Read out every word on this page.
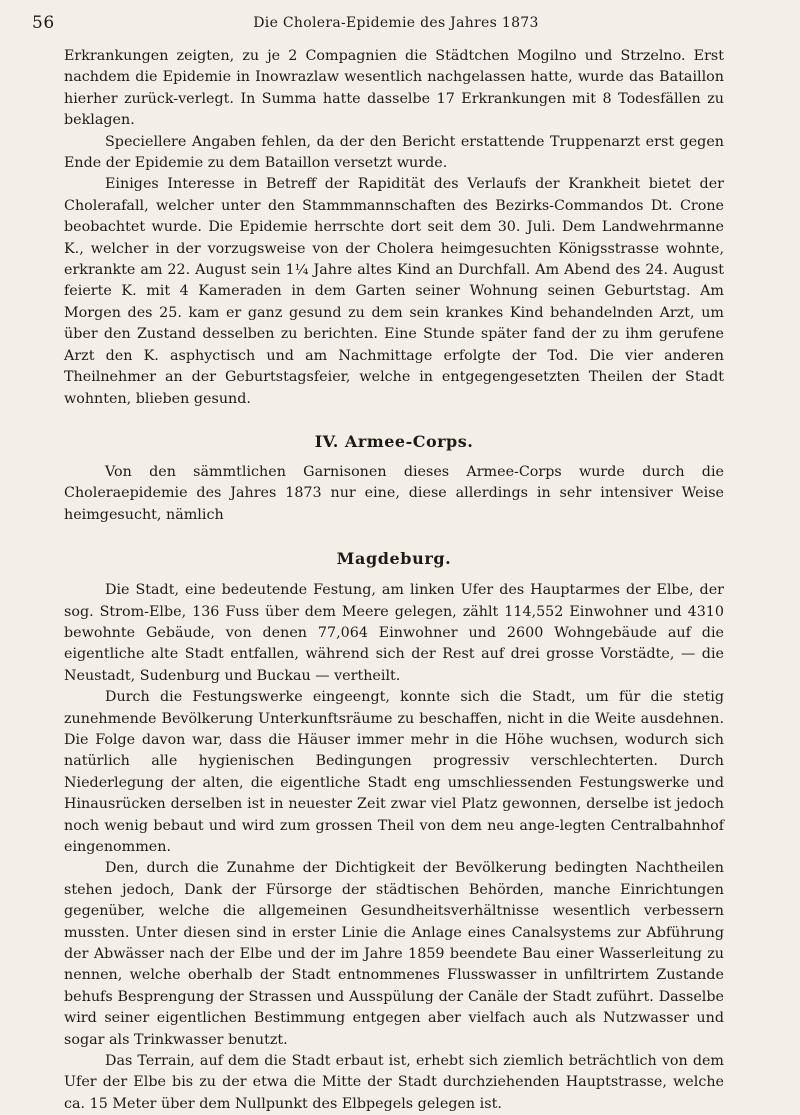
56	Die Cholera-Epidemie des Jahres 1873

Erkrankungen zeigten, zu je 2 Compagnien die Städtchen Mogilno und Strzelno. Erst nachdem die Epidemie in Inowrazlaw wesentlich nachgelassen hatte, wurde das Bataillon hierher zurück-verlegt. In Summa hatte dasselbe 17 Erkrankungen mit 8 Todesfällen zu beklagen.

Speciellere Angaben fehlen, da der den Bericht erstattende Truppenarzt erst gegen Ende der Epidemie zu dem Bataillon versetzt wurde.

Einiges Interesse in Betreff der Rapidität des Verlaufs der Krankheit bietet der Cholerafall, welcher unter den Stammmannschaften des Bezirks-Commandos Dt. Crone beobachtet wurde. Die Epidemie herrschte dort seit dem 30. Juli. Dem Landwehrmanne K., welcher in der vorzugsweise von der Cholera heimgesuchten Königsstrasse wohnte, erkrankte am 22. August sein 1¼ Jahre altes Kind an Durchfall. Am Abend des 24. August feierte K. mit 4 Kameraden in dem Garten seiner Wohnung seinen Geburtstag. Am Morgen des 25. kam er ganz gesund zu dem sein krankes Kind behandelnden Arzt, um über den Zustand desselben zu berichten. Eine Stunde später fand der zu ihm gerufene Arzt den K. asphyctisch und am Nachmittage erfolgte der Tod. Die vier anderen Theilnehmer an der Geburtstagsfeier, welche in entgegengesetzten Theilen der Stadt wohnten, blieben gesund.

IV. Armee-Corps.

Von den sämmtlichen Garnisonen dieses Armee-Corps wurde durch die Choleraepidemie des Jahres 1873 nur eine, diese allerdings in sehr intensiver Weise heimgesucht, nämlich

Magdeburg.

Die Stadt, eine bedeutende Festung, am linken Ufer des Hauptarmes der Elbe, der sog. Strom-Elbe, 136 Fuss über dem Meere gelegen, zählt 114,552 Einwohner und 4310 bewohnte Gebäude, von denen 77,064 Einwohner und 2600 Wohngebäude auf die eigentliche alte Stadt entfallen, während sich der Rest auf drei grosse Vorstädte, — die Neustadt, Sudenburg und Buckau — vertheilt.

Durch die Festungswerke eingeengt, konnte sich die Stadt, um für die stetig zunehmende Bevölkerung Unterkunftsräume zu beschaffen, nicht in die Weite ausdehnen. Die Folge davon war, dass die Häuser immer mehr in die Höhe wuchsen, wodurch sich natürlich alle hygienischen Bedingungen progressiv verschlechterten. Durch Niederlegung der alten, die eigentliche Stadt eng umschliessenden Festungswerke und Hinausrücken derselben ist in neuester Zeit zwar viel Platz gewonnen, derselbe ist jedoch noch wenig bebaut und wird zum grossen Theil von dem neu ange-legten Centralbahnhof eingenommen.

Den, durch die Zunahme der Dichtigkeit der Bevölkerung bedingten Nachtheilen stehen jedoch, Dank der Fürsorge der städtischen Behörden, manche Einrichtungen gegenüber, welche die allgemeinen Gesundheitsverhältnisse wesentlich verbessern mussten. Unter diesen sind in erster Linie die Anlage eines Canalsystems zur Abführung der Abwässer nach der Elbe und der im Jahre 1859 beendete Bau einer Wasserleitung zu nennen, welche oberhalb der Stadt entnommenes Flusswasser in unfiltrirtem Zustande behufs Besprengung der Strassen und Ausspülung der Canäle der Stadt zuführt. Dasselbe wird seiner eigentlichen Bestimmung entgegen aber vielfach auch als Nutzwasser und sogar als Trinkwasser benutzt.

Das Terrain, auf dem die Stadt erbaut ist, erhebt sich ziemlich beträchtlich von dem Ufer der Elbe bis zu der etwa die Mitte der Stadt durchziehenden Hauptstrasse, welche ca. 15 Meter über dem Nullpunkt des Elbpegels gelegen ist.
